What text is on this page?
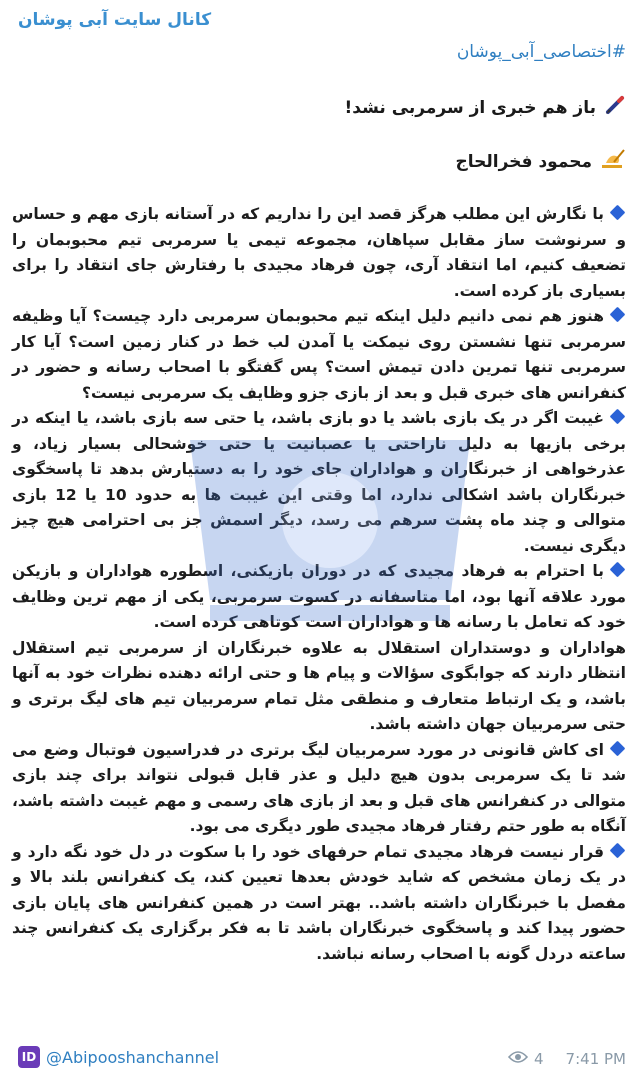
کانال سایت آبی پوشان
#اختصاصی_آبی_پوشان
باز هم خبری از سرمربی نشد!
محمود فخرالحاج

با نگارش این مطلب هرگز قصد این را نداریم که در آستانه بازی مهم و حساس و سرنوشت ساز مقابل سپاهان، مجموعه تیمی یا سرمربی تیم محبوبمان را تضعیف کنیم، اما انتقاد آری، چون فرهاد مجیدی با رفتارش جای انتقاد را برای بسیاری باز کرده است.

هنوز هم نمی دانیم دلیل اینکه تیم محبوبمان سرمربی دارد چیست؟ آیا وظیفه سرمربی تنها نشستن روی نیمکت یا آمدن لب خط در کنار زمین است؟ آیا کار سرمربی تنها تمرین دادن تیمش است؟ پس گفتگو با اصحاب رسانه و حضور در کنفرانس های خبری قبل و بعد از بازی جزو وظایف یک سرمربی نیست؟

غیبت اگر در یک بازی باشد یا دو بازی باشد، یا حتی سه بازی باشد، یا اینکه در برخی بازیها به دلیل ناراحتی یا عصبانیت یا حتی خوشحالی بسیار زیاد، و عذرخواهی از خبرنگاران و هواداران جای خود را به دستیارش بدهد تا پاسخگوی خبرنگاران باشد اشکالی ندارد، اما وقتی این غیبت ها به حدود 10 یا 12 بازی متوالی و چند ماه پشت سرهم می رسد، دیگر اسمش جز بی احترامی هیچ چیز دیگری نیست.

با احترام به فرهاد مجیدی که در دوران بازیکنی، اسطوره هواداران و بازیکن مورد علاقه آنها بود، اما متاسفانه در کسوت سرمربی، یکی از مهم ترین وظایف خود که تعامل با رسانه ها و هواداران است کوتاهی کرده است.

هواداران و دوستداران استقلال به علاوه خبرنگاران از سرمربی تیم استقلال انتظار دارند که جوابگوی سؤالات و پیام ها و حتی ارائه دهنده نظرات خود به آنها باشد، و یک ارتباط متعارف و منطقی مثل تمام سرمربیان تیم های لیگ برتری و حتی سرمربیان جهان داشته باشد.

ای کاش قانونی در مورد سرمربیان لیگ برتری در فدراسیون فوتبال وضع می شد تا یک سرمربی بدون هیچ دلیل و عذر قابل قبولی نتواند برای چند بازی متوالی در کنفرانس های قبل و بعد از بازی های رسمی و مهم غیبت داشته باشد، آنگاه به طور حتم رفتار فرهاد مجیدی طور دیگری می بود.

قرار نیست فرهاد مجیدی تمام حرفهای خود را با سکوت در دل خود نگه دارد و در یک زمان مشخص که شاید خودش بعدها تعیین کند، یک کنفرانس بلند بالا و مفصل با خبرنگاران داشته باشد.. بهتر است در همین کنفرانس های پایان بازی حضور پیدا کند و پاسخگوی خبرنگاران باشد تا به فکر برگزاری یک کنفرانس چند ساعته دردل گونه با اصحاب رسانه نباشد.

ID @Abipooshanchannel	4 7:41 PM
